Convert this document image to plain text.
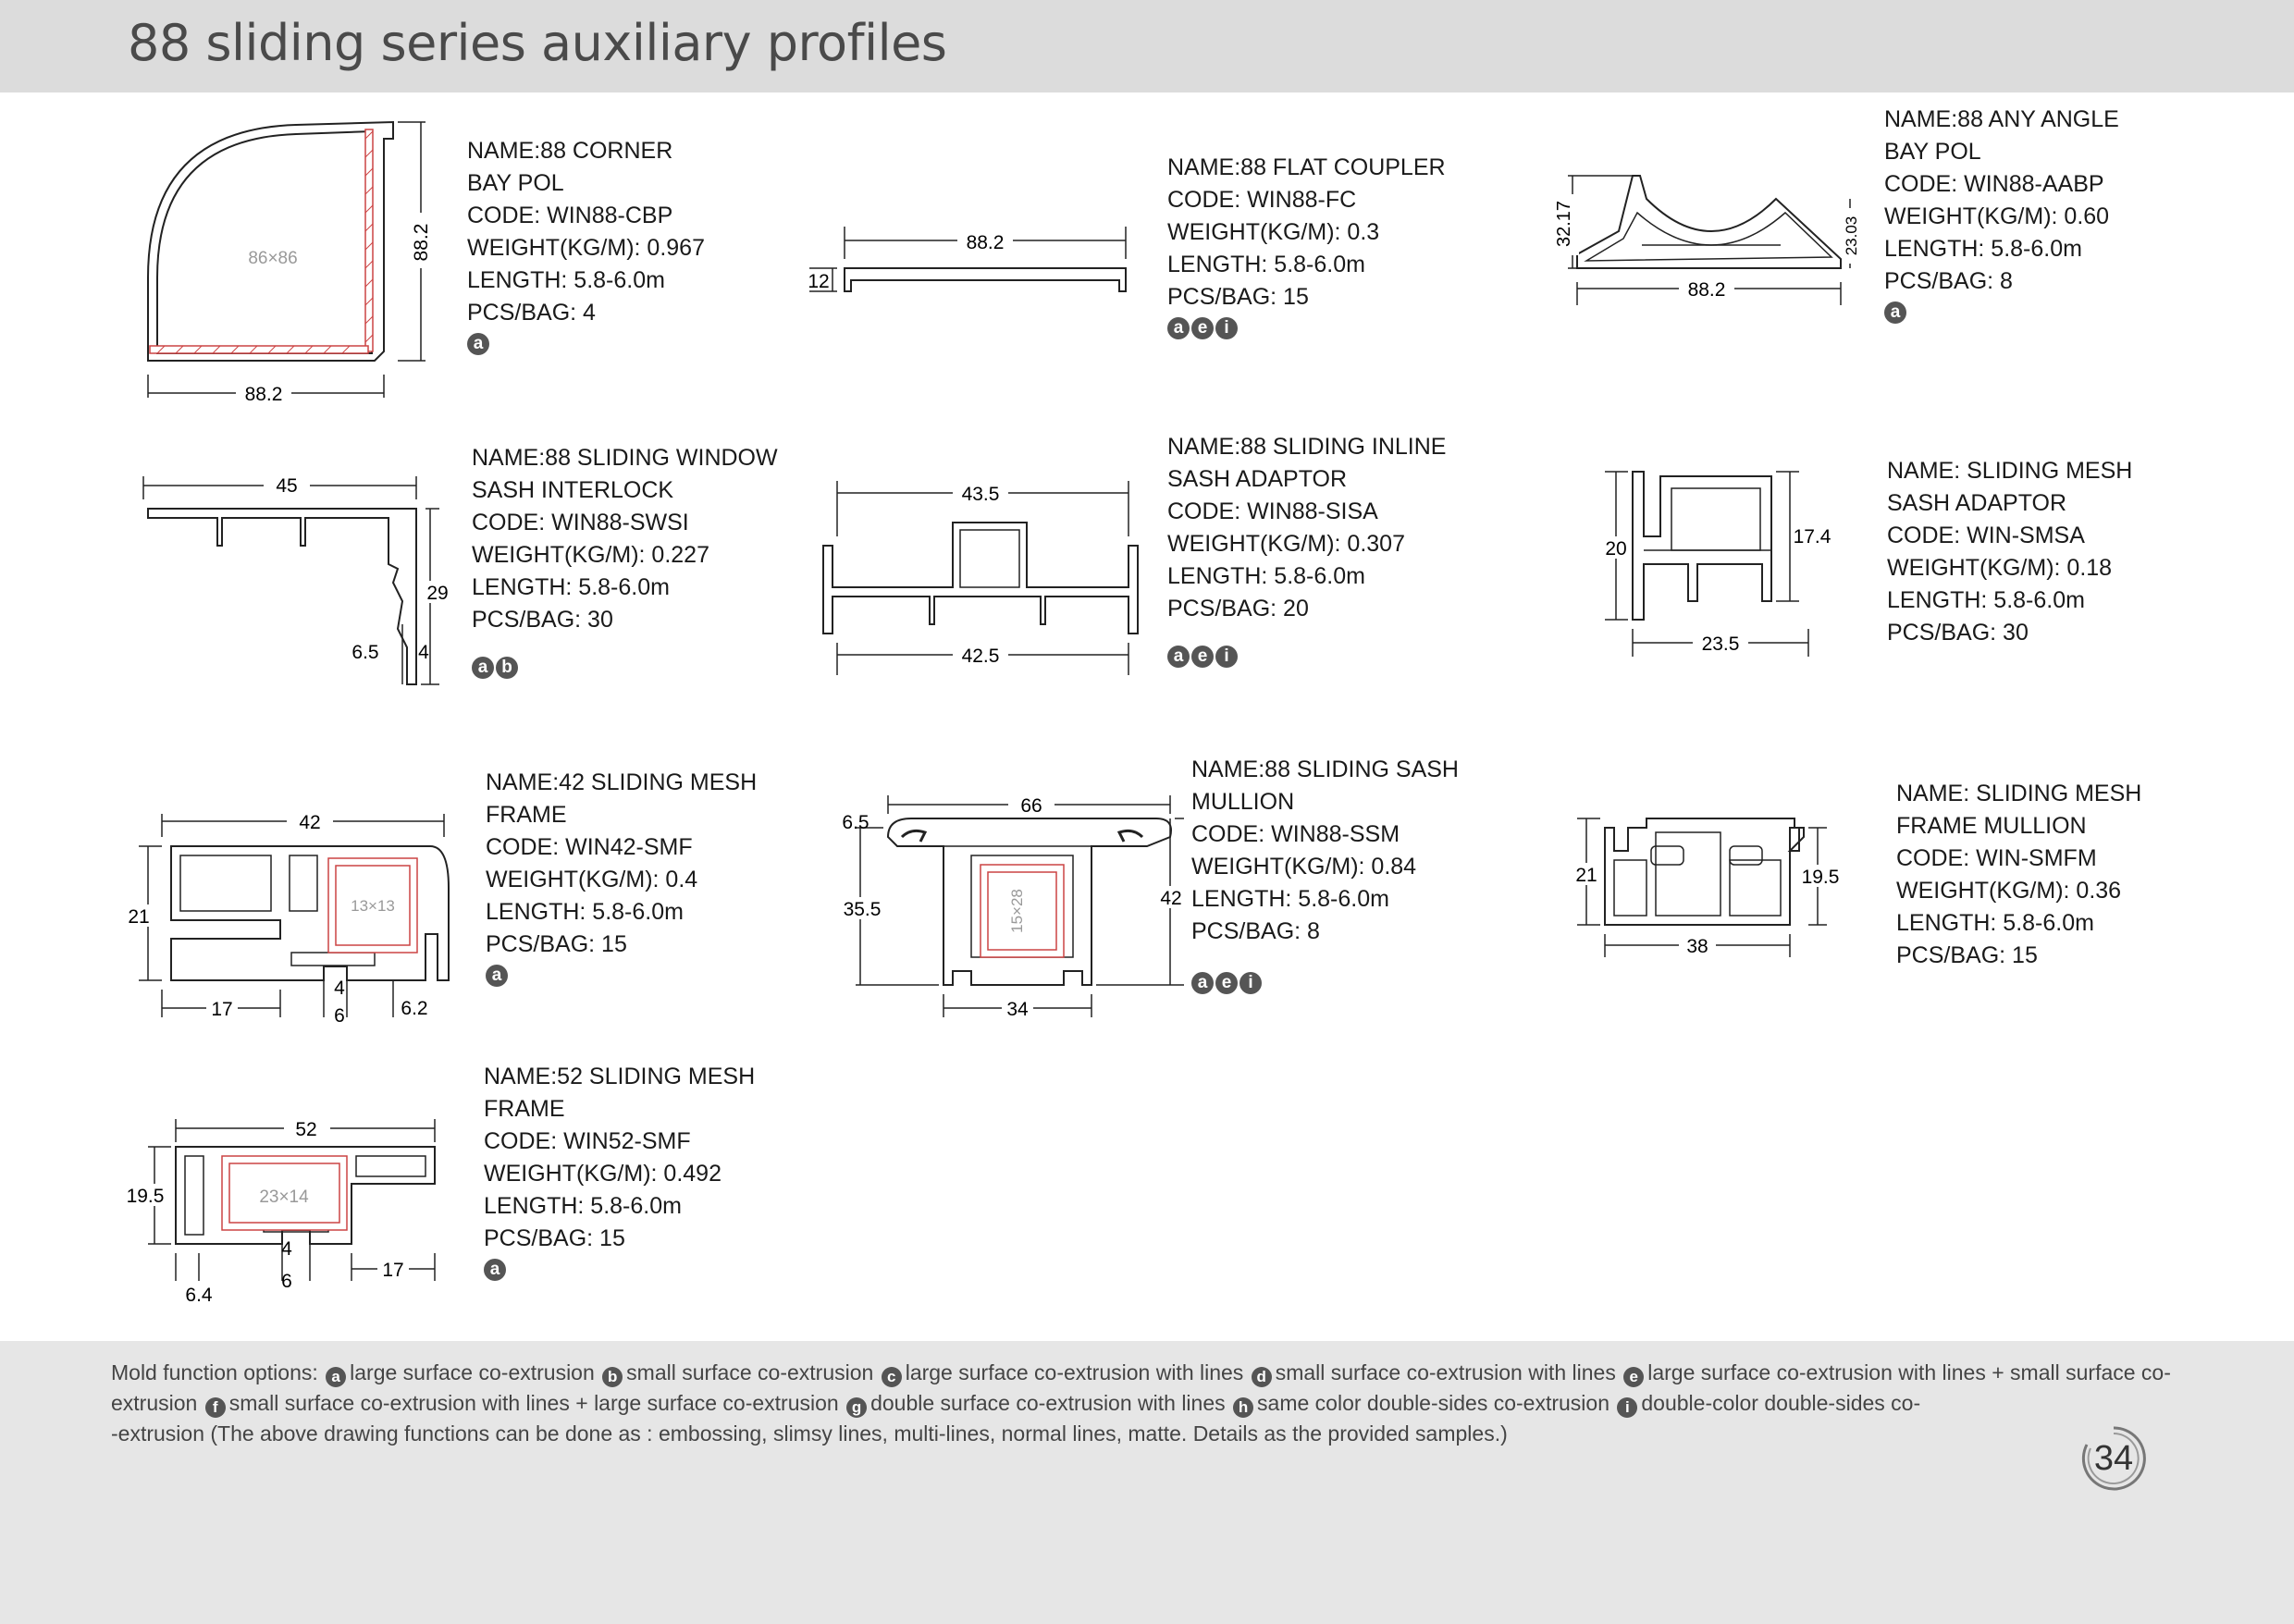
88 sliding series auxiliary profiles
86×86
88.2
88.2
NAME:88 CORNER
BAY POL
CODE: WIN88-CBP
WEIGHT(KG/M): 0.967
LENGTH: 5.8-6.0m
PCS/BAG: 4
a
88.2
12
NAME:88 FLAT COUPLER
CODE: WIN88-FC
WEIGHT(KG/M): 0.3
LENGTH: 5.8-6.0m
PCS/BAG: 15
a e i
88.2
32.17	23.03
NAME:88 ANY ANGLE
BAY POL
CODE: WIN88-AABP
WEIGHT(KG/M): 0.60
LENGTH: 5.8-6.0m
PCS/BAG: 8
a
45
29
6.5 4
NAME:88 SLIDING WINDOW
SASH INTERLOCK
CODE: WIN88-SWSI
WEIGHT(KG/M): 0.227
LENGTH: 5.8-6.0m
PCS/BAG: 30
a b
43.5
42.5
NAME:88 SLIDING INLINE
SASH ADAPTOR
CODE: WIN88-SISA
WEIGHT(KG/M): 0.307
LENGTH: 5.8-6.0m
PCS/BAG: 20
a e i
20
17.4
23.5
NAME: SLIDING MESH
SASH ADAPTOR
CODE: WIN-SMSA
WEIGHT(KG/M): 0.18
LENGTH: 5.8-6.0m
PCS/BAG: 30
13×13
42
21
17
4
6	6.2
NAME:42 SLIDING MESH
FRAME
CODE: WIN42-SMF
WEIGHT(KG/M): 0.4
LENGTH: 5.8-6.0m
PCS/BAG: 15
a
15×28
66
6.5
35.5
42
34
NAME:88 SLIDING SASH
MULLION
CODE: WIN88-SSM
WEIGHT(KG/M): 0.84
LENGTH: 5.8-6.0m
PCS/BAG: 8
a e i
21	19.5
38
NAME: SLIDING MESH
FRAME MULLION
CODE: WIN-SMFM
WEIGHT(KG/M): 0.36
LENGTH: 5.8-6.0m
PCS/BAG: 15
23×14
52
19.5
17
4
6
6.4
NAME:52 SLIDING MESH
FRAME
CODE: WIN52-SMF
WEIGHT(KG/M): 0.492
LENGTH: 5.8-6.0m
PCS/BAG: 15
a

Mold function options: a large surface co-extrusion b small surface co-extrusion c large surface co-extrusion with lines d small surface co-extrusion with lines e large surface co-extrusion with lines + small surface co-extrusion f small surface co-extrusion with lines + large surface co-extrusion g double surface co-extrusion with lines h same color double-sides co-extrusion i double-color double-sides co-
-extrusion (The above drawing functions can be done as : embossing, slimsy lines, multi-lines, normal lines, matte. Details as the provided samples.)

34
